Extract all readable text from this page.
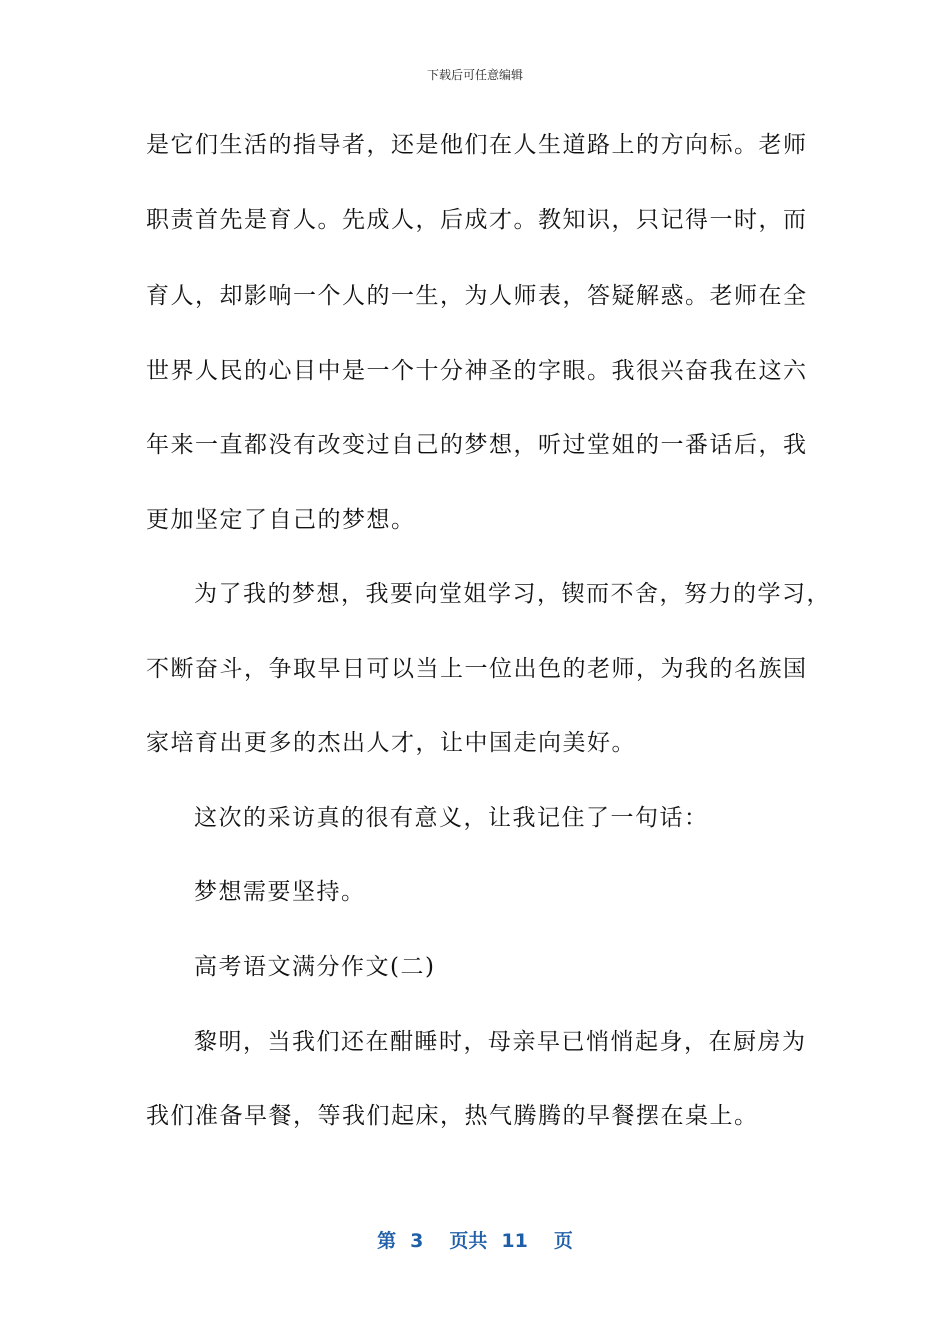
下载后可任意编辑
是它们生活的指导者，还是他们在人生道路上的方向标。老师
职责首先是育人。先成人，后成才。教知识，只记得一时，而
育人，却影响一个人的一生，为人师表，答疑解惑。老师在全
世界人民的心目中是一个十分神圣的字眼。我很兴奋我在这六
年来一直都没有改变过自己的梦想，听过堂姐的一番话后，我
更加坚定了自己的梦想。
为了我的梦想，我要向堂姐学习，锲而不舍，努力的学习，
不断奋斗，争取早日可以当上一位出色的老师，为我的名族国
家培育出更多的杰出人才，让中国走向美好。
这次的采访真的很有意义，让我记住了一句话：
梦想需要坚持。
高考语文满分作文(二)
黎明，当我们还在酣睡时，母亲早已悄悄起身，在厨房为
我们准备早餐，等我们起床，热气腾腾的早餐摆在桌上。
第 3 页共 11 页
